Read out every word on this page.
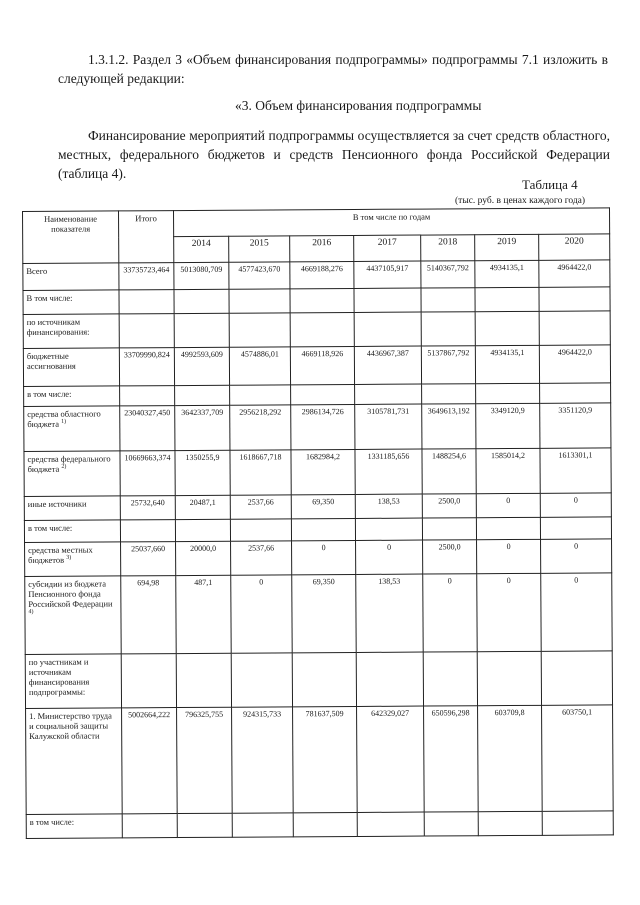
1.3.1.2. Раздел 3 «Объем финансирования подпрограммы» подпрограммы 7.1 изложить в следующей редакции:
«3. Объем финансирования подпрограммы
Финансирование мероприятий подпрограммы осуществляется за счет средств областного, местных, федерального бюджетов и средств Пенсионного фонда Российской Федерации (таблица 4).
Таблица 4
(тыс. руб. в ценах каждого года)
Наименование показателя	Итого	В том числе по годам						
		2014	2015	2016	2017	2018	2019	2020
Всего	33735723,464	5013080,709	4577423,670	4669188,276	4437105,917	5140367,792	4934135,1	4964422,0
В том числе:								
по источникам финансирования:								
бюджетные ассигнования	33709990,824	4992593,609	4574886,01	4669118,926	4436967,387	5137867,792	4934135,1	4964422,0
в том числе:								
средства областного бюджета $^{1)}$	23040327,450	3642337,709	2956218,292	2986134,726	3105781,731	3649613,192	3349120,9	3351120,9
средства федерального бюджета $^{2)}$	10669663,374	1350255,9	1618667,718	1682984,2	1331185,656	1488254,6	1585014,2	1613301,1
иные источники	25732,640	20487,1	2537,66	69,350	138,53	2500,0	0	0
в том числе:								
средства местных бюджетов $^{3)}$	25037,660	20000,0	2537,66	0	0	2500,0	0	0
субсидии из бюджета Пенсионного фонда Российской Федерации $^{4)}$	694,98	487,1	0	69,350	138,53	0	0	0
по участникам и источникам финансирования подпрограммы:								
1. Министерство труда и социальной защиты Калужской области	5002664,222	796325,755	924315,733	781637,509	642329,027	650596,298	603709,8	603750,1
в том числе:								
